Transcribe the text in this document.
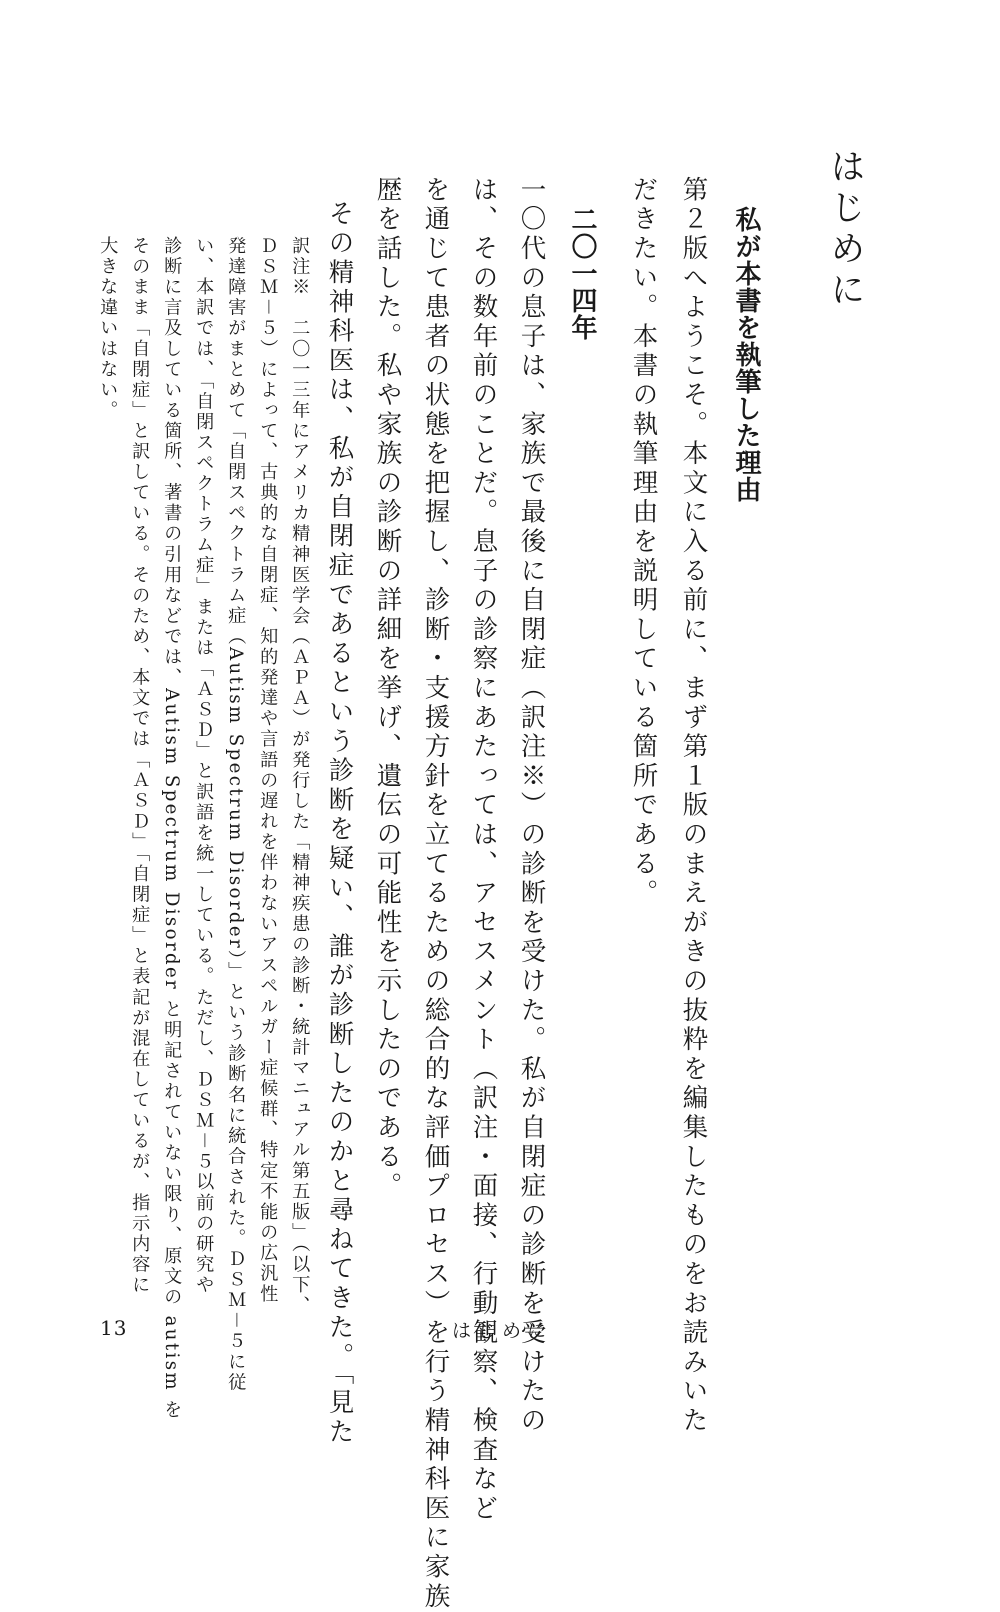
はじめに
私が本書を執筆した理由
第２版へようこそ。本文に入る前に、まず第１版のまえがきの抜粋を編集したものをお読みいた
だきたい。本書の執筆理由を説明している箇所である。
二〇一四年
一〇代の息子は、家族で最後に自閉症（訳注※）の診断を受けた。私が自閉症の診断を受けたの
は、その数年前のことだ。息子の診察にあたっては、アセスメント（訳注・面接、行動観察、検査など
を通じて患者の状態を把握し、診断・支援方針を立てるための総合的な評価プロセス）を行う精神科医に家族
歴を話した。私や家族の診断の詳細を挙げ、遺伝の可能性を示したのである。
その精神科医は、私が自閉症であるという診断を疑い、誰が診断したのかと尋ねてきた。「見た
訳注※　二〇一三年にアメリカ精神医学会（ＡＰＡ）が発行した「精神疾患の診断・統計マニュアル第五版」（以下、
ＤＳＭ－５）によって、古典的な自閉症、知的発達や言語の遅れを伴わないアスペルガー症候群、特定不能の広汎性
発達障害がまとめて「自閉スペクトラム症（Autism Spectrum Disorder）」という診断名に統合された。ＤＳＭ－５に従
い、本訳では、「自閉スペクトラム症」または「ＡＳＤ」と訳語を統一している。ただし、ＤＳＭ－５以前の研究や
診断に言及している箇所、著書の引用などでは、Autism Spectrum Disorder と明記されていない限り、原文の autism を
そのまま「自閉症」と訳している。そのため、本文では「ＡＳＤ」「自閉症」と表記が混在しているが、指示内容に
大きな違いはない。
13	はじめに
